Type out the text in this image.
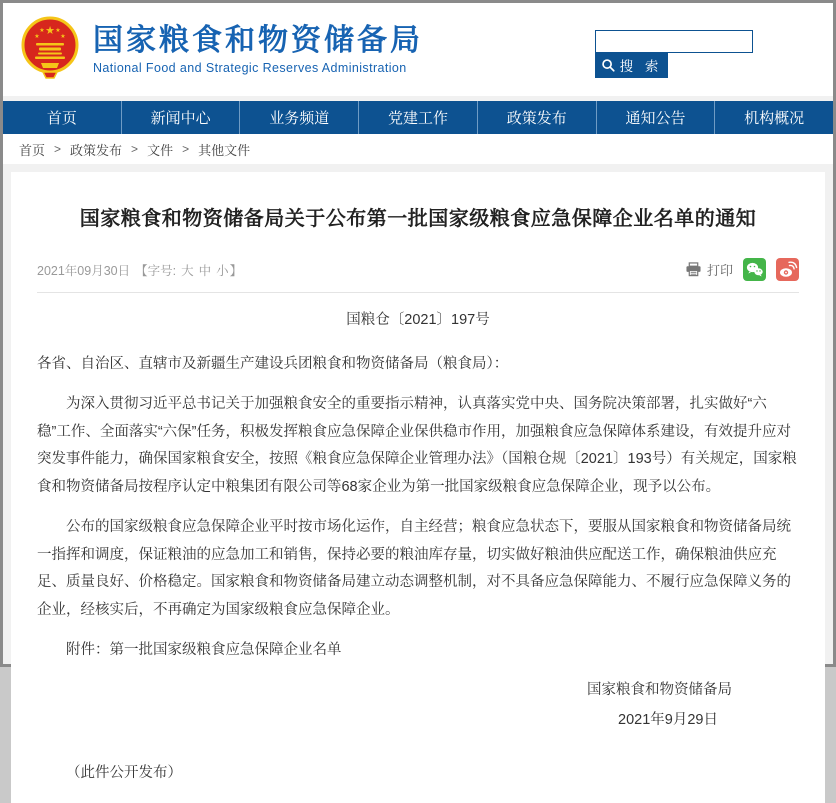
★
★	★
★ ★ 国家粮食和物资储备局
National Food and Strategic Reserves Administration	搜 索
首页	新闻中心	业务频道	党建工作	政策发布	通知公告	机构概况
首页 > 政策发布 > 文件 > 其他文件
国家粮食和物资储备局关于公布第一批国家级粮食应急保障企业名单的通知
2021年09月30日 【字号: 大 中 小 】	打印
国粮仓〔2021〕197号
各省、自治区、直辖市及新疆生产建设兵团粮食和物资储备局（粮食局）：
为深入贯彻习近平总书记关于加强粮食安全的重要指示精神，认真落实党中央、国务院决策部署，扎实做好“六稳”工作、全面落实“六保”任务，积极发挥粮食应急保障企业保供稳市作用，加强粮食应急保障体系建设，有效提升应对突发事件能力，确保国家粮食安全，按照《粮食应急保障企业管理办法》（国粮仓规〔2021〕193号）有关规定，国家粮食和物资储备局按程序认定中粮集团有限公司等68家企业为第一批国家级粮食应急保障企业，现予以公布。
公布的国家级粮食应急保障企业平时按市场化运作，自主经营；粮食应急状态下，要服从国家粮食和物资储备局统一指挥和调度，保证粮油的应急加工和销售，保持必要的粮油库存量，切实做好粮油供应配送工作，确保粮油供应充足、质量良好、价格稳定。国家粮食和物资储备局建立动态调整机制，对不具备应急保障能力、不履行应急保障义务的企业，经核实后，不再确定为国家级粮食应急保障企业。
附件：第一批国家级粮食应急保障企业名单
国家粮食和物资储备局
2021年9月29日
（此件公开发布）
